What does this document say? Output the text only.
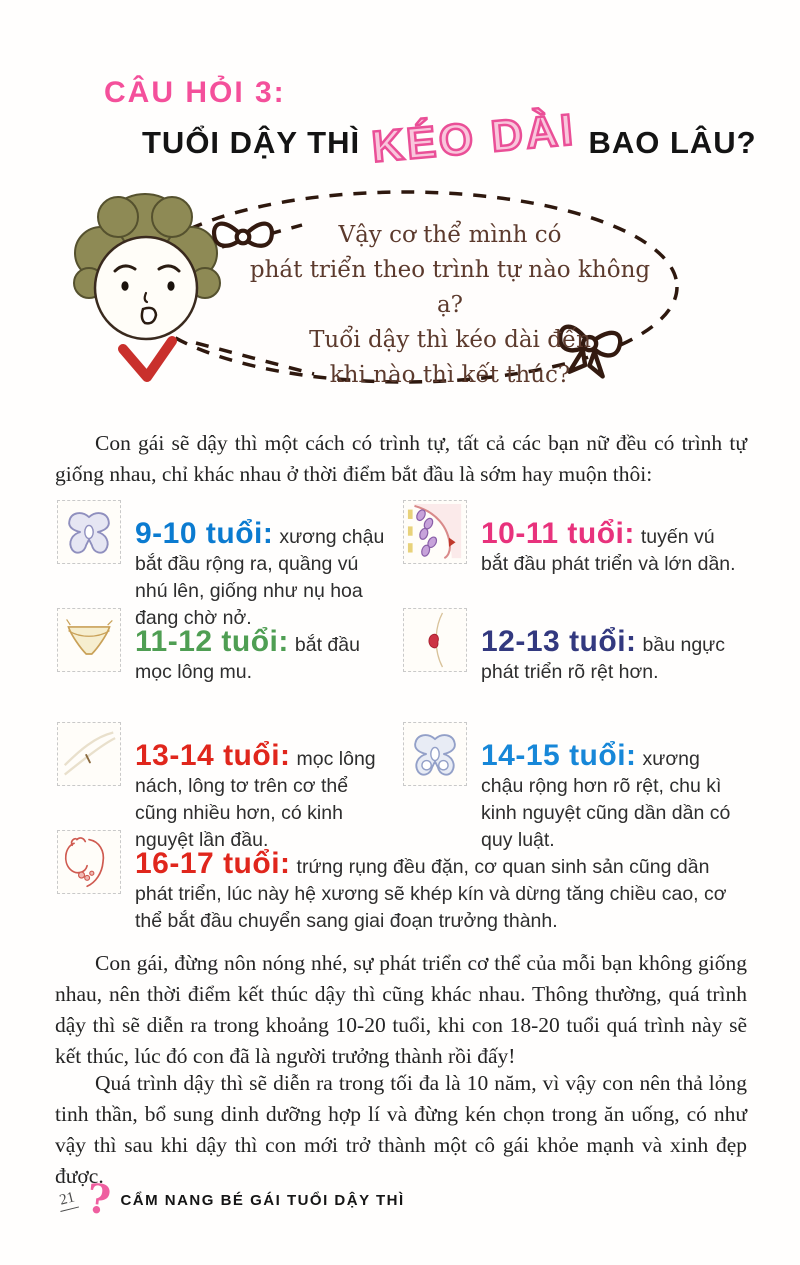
CÂU HỎI 3:
TUỔI DẬY THÌ KÉO DÀI BAO LÂU?
Vậy cơ thể mình có
phát triển theo trình tự nào không ạ?
Tuổi dậy thì kéo dài đến
khi nào thì kết thúc?

Con gái sẽ dậy thì một cách có trình tự, tất cả các bạn nữ đều có trình tự giống nhau, chỉ khác nhau ở thời điểm bắt đầu là sớm hay muộn thôi:

9-10 tuổi: xương chậu bắt đầu rộng ra, quầng vú nhú lên, giống như nụ hoa đang chờ nở.

10-11 tuổi: tuyến vú bắt đầu phát triển và lớn dần.

11-12 tuổi: bắt đầu mọc lông mu.

12-13 tuổi: bầu ngực phát triển rõ rệt hơn.

13-14 tuổi: mọc lông nách, lông tơ trên cơ thể cũng nhiều hơn, có kinh nguyệt lần đầu.

14-15 tuổi: xương chậu rộng hơn rõ rệt, chu kì kinh nguyệt cũng dần dần có quy luật.

16-17 tuổi: trứng rụng đều đặn, cơ quan sinh sản cũng dần phát triển, lúc này hệ xương sẽ khép kín và dừng tăng chiều cao, cơ thể bắt đầu chuyển sang giai đoạn trưởng thành.

Con gái, đừng nôn nóng nhé, sự phát triển cơ thể của mỗi bạn không giống nhau, nên thời điểm kết thúc dậy thì cũng khác nhau. Thông thường, quá trình dậy thì sẽ diễn ra trong khoảng 10-20 tuổi, khi con 18-20 tuổi quá trình này sẽ kết thúc, lúc đó con đã là người trưởng thành rồi đấy!

Quá trình dậy thì sẽ diễn ra trong tối đa là 10 năm, vì vậy con nên thả lỏng tinh thần, bổ sung dinh dưỡng hợp lí và đừng kén chọn trong ăn uống, có như vậy thì sau khi dậy thì con mới trở thành một cô gái khỏe mạnh và xinh đẹp được.

21 ? CẨM NANG BÉ GÁI TUỔI DẬY THÌ
